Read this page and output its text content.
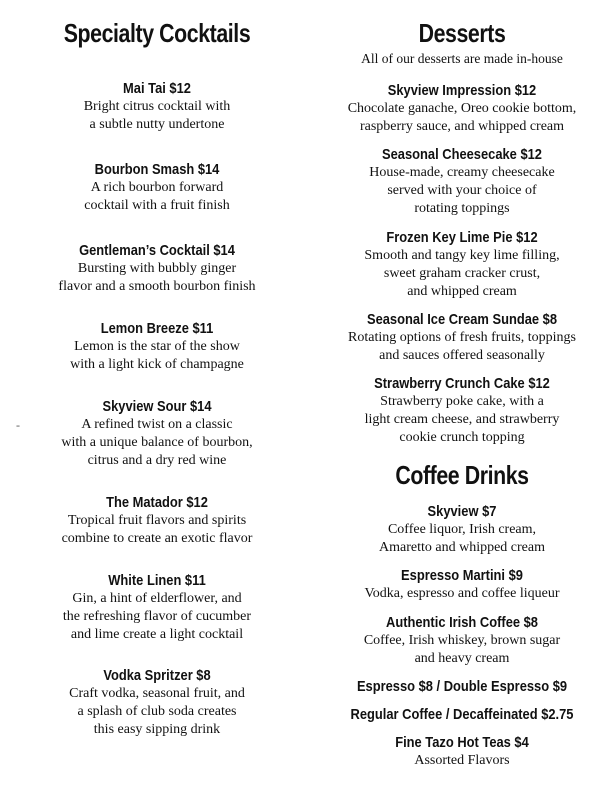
Specialty Cocktails
Mai Tai $12
Bright citrus cocktail with
a subtle nutty undertone
Bourbon Smash $14
A rich bourbon forward
cocktail with a fruit finish
Gentleman’s Cocktail $14
Bursting with bubbly ginger
flavor and a smooth bourbon finish
Lemon Breeze $11
Lemon is the star of the show
with a light kick of champagne
Skyview Sour $14
A refined twist on a classic
with a unique balance of bourbon,
citrus and a dry red wine
The Matador $12
Tropical fruit flavors and spirits
combine to create an exotic flavor
White Linen $11
Gin, a hint of elderflower, and
the refreshing flavor of cucumber
and lime create a light cocktail
Vodka Spritzer $8
Craft vodka, seasonal fruit, and
a splash of club soda creates
this easy sipping drink
-
Desserts
All of our desserts are made in-house
Skyview Impression $12
Chocolate ganache, Oreo cookie bottom,
raspberry sauce, and whipped cream
Seasonal Cheesecake $12
House-made, creamy cheesecake
served with your choice of
rotating toppings
Frozen Key Lime Pie $12
Smooth and tangy key lime filling,
sweet graham cracker crust,
and whipped cream
Seasonal Ice Cream Sundae $8
Rotating options of fresh fruits, toppings
and sauces offered seasonally
Strawberry Crunch Cake $12
Strawberry poke cake, with a
light cream cheese, and strawberry
cookie crunch topping
Coffee Drinks
Skyview $7
Coffee liquor, Irish cream,
Amaretto and whipped cream
Espresso Martini $9
Vodka, espresso and coffee liqueur
Authentic Irish Coffee $8
Coffee, Irish whiskey, brown sugar
and heavy cream
Espresso $8 / Double Espresso $9
Regular Coffee / Decaffeinated $2.75
Fine Tazo Hot Teas $4
Assorted Flavors
